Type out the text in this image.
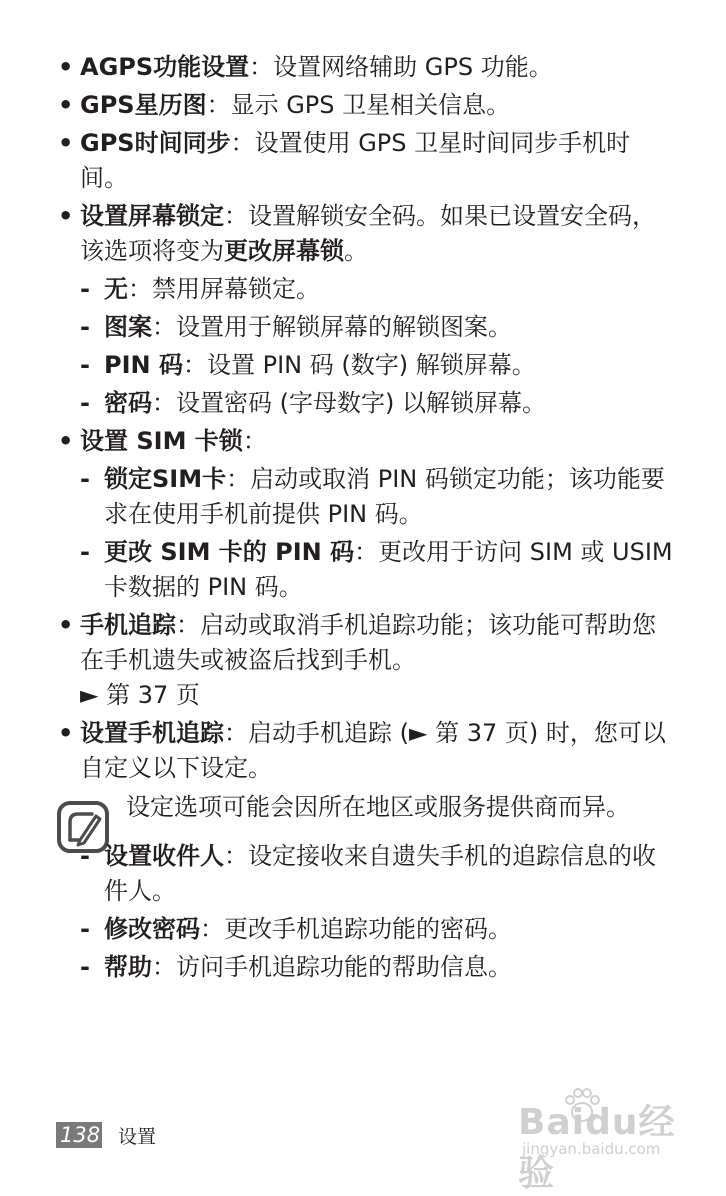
• AGPS功能设置：设置网络辅助 GPS 功能。
• GPS星历图：显示 GPS 卫星相关信息。
• GPS时间同步：设置使用 GPS 卫星时间同步手机时间。
• 设置屏幕锁定：设置解锁安全码。如果已设置安全码，该选项将变为更改屏幕锁。
- 无：禁用屏幕锁定。
- 图案：设置用于解锁屏幕的解锁图案。
- PIN 码：设置 PIN 码 (数字) 解锁屏幕。
- 密码：设置密码 (字母数字) 以解锁屏幕。
• 设置 SIM 卡锁：
- 锁定SIM卡：启动或取消 PIN 码锁定功能；该功能要求在使用手机前提供 PIN 码。
- 更改 SIM 卡的 PIN 码：更改用于访问 SIM 或 USIM 卡数据的 PIN 码。
• 手机追踪：启动或取消手机追踪功能；该功能可帮助您在手机遗失或被盗后找到手机。
► 第 37 页
• 设置手机追踪：启动手机追踪 (► 第 37 页) 时，您可以自定义以下设定。
设定选项可能会因所在地区或服务提供商而异。
- 设置收件人：设定接收来自遗失手机的追踪信息的收件人。
- 修改密码：更改手机追踪功能的密码。
- 帮助：访问手机追踪功能的帮助信息。
138 设置	Baidu经验
jingyan.baidu.com
